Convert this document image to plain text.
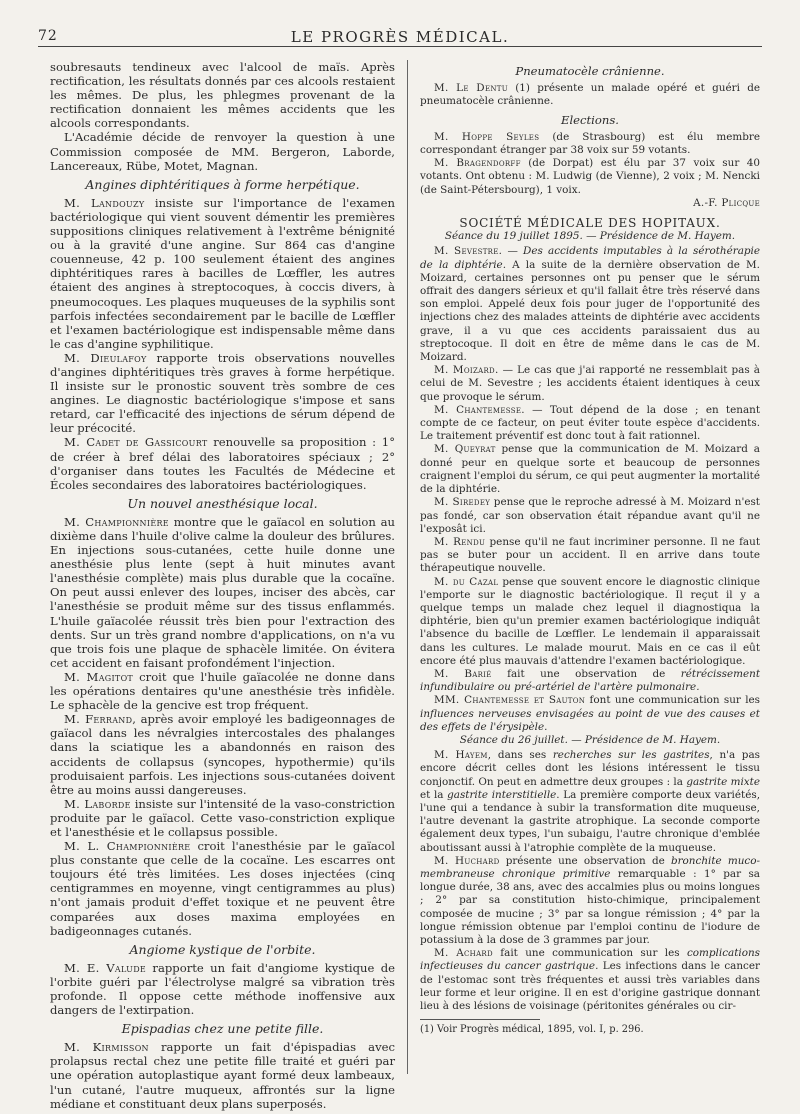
72	LE PROGRÈS MÉDICAL.

soubresauts tendineux avec l'alcool de maïs. Après rectification, les résultats donnés par ces alcools restaient les mêmes. De plus, les phlegmes provenant de la rectification donnaient les mêmes accidents que les alcools correspondants.

L'Académie décide de renvoyer la question à une Commission composée de MM. Bergeron, Laborde, Lancereaux, Rübe, Motet, Magnan.

Angines diphtéritiques à forme herpétique.

M. Landouzy insiste sur l'importance de l'examen bactériologique qui vient souvent démentir les premières suppositions cliniques relativement à l'extrême bénignité ou à la gravité d'une angine. Sur 864 cas d'angine couenneuse, 42 p. 100 seulement étaient des angines diphtéritiques rares à bacilles de Lœffler, les autres étaient des angines à streptocoques, à coccis divers, à pneumocoques. Les plaques muqueuses de la syphilis sont parfois infectées secondairement par le bacille de Lœffler et l'examen bactériologique est indispensable même dans le cas d'angine syphilitique.

M. Dieulafoy rapporte trois observations nouvelles d'angines diphtéritiques très graves à forme herpétique. Il insiste sur le pronostic souvent très sombre de ces angines. Le diagnostic bactériologique s'impose et sans retard, car l'efficacité des injections de sérum dépend de leur précocité.

M. Cadet de Gassicourt renouvelle sa proposition : 1° de créer à bref délai des laboratoires spéciaux ; 2° d'organiser dans toutes les Facultés de Médecine et Écoles secondaires des laboratoires bactériologiques.

Un nouvel anesthésique local.

M. Championnière montre que le gaïacol en solution au dixième dans l'huile d'olive calme la douleur des brûlures. En injections sous-cutanées, cette huile donne une anesthésie plus lente (sept à huit minutes avant l'anesthésie complète) mais plus durable que la cocaïne. On peut aussi enlever des loupes, inciser des abcès, car l'anesthésie se produit même sur des tissus enflammés. L'huile gaïacolée réussit très bien pour l'extraction des dents. Sur un très grand nombre d'applications, on n'a vu que trois fois une plaque de sphacèle limitée. On évitera cet accident en faisant profondément l'injection.

M. Magitot croit que l'huile gaïacolée ne donne dans les opérations dentaires qu'une anesthésie très infidèle. Le sphacèle de la gencive est trop fréquent.

M. Ferrand, après avoir employé les badigeonnages de gaïacol dans les névralgies intercostales des phalanges dans la sciatique les a abandonnés en raison des accidents de collapsus (syncopes, hypothermie) qu'ils produisaient parfois. Les injections sous-cutanées doivent être au moins aussi dangereuses.

M. Laborde insiste sur l'intensité de la vaso-constriction produite par le gaïacol. Cette vaso-constriction explique et l'anesthésie et le collapsus possible.

M. L. Championnière croit l'anesthésie par le gaïacol plus constante que celle de la cocaïne. Les escarres ont toujours été très limitées. Les doses injectées (cinq centigrammes en moyenne, vingt centigrammes au plus) n'ont jamais produit d'effet toxique et ne peuvent être comparées aux doses maxima employées en badigeonnages cutanés.

Angiome kystique de l'orbite.

M. E. Valude rapporte un fait d'angiome kystique de l'orbite guéri par l'électrolyse malgré sa vibration très profonde. Il oppose cette méthode inoffensive aux dangers de l'extirpation.

Epispadias chez une petite fille.

M. Kirmisson rapporte un fait d'épispadias avec prolapsus rectal chez une petite fille traité et guéri par une opération autoplastique ayant formé deux lambeaux, l'un cutané, l'autre muqueux, affrontés sur la ligne médiane et constituant deux plans superposés.

Pneumatocèle crânienne.

M. Le Dentu (1) présente un malade opéré et guéri de pneumatocèle crânienne.

Elections.

M. Hoppe Seyles (de Strasbourg) est élu membre correspondant étranger par 38 voix sur 59 votants.

M. Bragendorff (de Dorpat) est élu par 37 voix sur 40 votants. Ont obtenu : M. Ludwig (de Vienne), 2 voix ; M. Nencki (de Saint-Pétersbourg), 1 voix.

A.-F. Plicque

SOCIÉTÉ MÉDICALE DES HOPITAUX.

Séance du 19 juillet 1895. — Présidence de M. Hayem.

M. Sevestre. — Des accidents imputables à la sérothérapie de la diphtérie. A la suite de la dernière observation de M. Moizard, certaines personnes ont pu penser que le sérum offrait des dangers sérieux et qu'il fallait être très réservé dans son emploi. Appelé deux fois pour juger de l'opportunité des injections chez des malades atteints de diphtérie avec accidents grave, il a vu que ces accidents paraissaient dus au streptocoque. Il doit en être de même dans le cas de M. Moizard.

M. Moizard. — Le cas que j'ai rapporté ne ressemblait pas à celui de M. Sevestre ; les accidents étaient identiques à ceux que provoque le sérum.

M. Chantemesse. — Tout dépend de la dose ; en tenant compte de ce facteur, on peut éviter toute espèce d'accidents. Le traitement préventif est donc tout à fait rationnel.

M. Queyrat pense que la communication de M. Moizard a donné peur en quelque sorte et beaucoup de personnes craignent l'emploi du sérum, ce qui peut augmenter la mortalité de la diphtérie.

M. Siredey pense que le reproche adressé à M. Moizard n'est pas fondé, car son observation était répandue avant qu'il ne l'exposât ici.

M. Rendu pense qu'il ne faut incriminer personne. Il ne faut pas se buter pour un accident. Il en arrive dans toute thérapeutique nouvelle.

M. du Cazal pense que souvent encore le diagnostic clinique l'emporte sur le diagnostic bactériologique. Il reçut il y a quelque temps un malade chez lequel il diagnostiqua la diphtérie, bien qu'un premier examen bactériologique indiquât l'absence du bacille de Lœffler. Le lendemain il apparaissait dans les cultures. Le malade mourut. Mais en ce cas il eût encore été plus mauvais d'attendre l'examen bactériologique.

M. Barié fait une observation de rétrécissement infundibulaire ou pré-artériel de l'artère pulmonaire.

MM. Chantemesse et Sauton font une communication sur les influences nerveuses envisagées au point de vue des causes et des effets de l'érysipèle.

Séance du 26 juillet. — Présidence de M. Hayem.

M. Hayem, dans ses recherches sur les gastrites, n'a pas encore décrit celles dont les lésions intéressent le tissu conjonctif. On peut en admettre deux groupes : la gastrite mixte et la gastrite interstitielle. La première comporte deux variétés, l'une qui a tendance à subir la transformation dite muqueuse, l'autre devenant la gastrite atrophique. La seconde comporte également deux types, l'un subaigu, l'autre chronique d'emblée aboutissant aussi à l'atrophie complète de la muqueuse.

M. Huchard présente une observation de bronchite muco-membraneuse chronique primitive remarquable : 1° par sa longue durée, 38 ans, avec des accalmies plus ou moins longues ; 2° par sa constitution histo-chimique, principalement composée de mucine ; 3° par sa longue rémission ; 4° par la longue rémission obtenue par l'emploi continu de l'iodure de potassium à la dose de 3 grammes par jour.

M. Achard fait une communication sur les complications infectieuses du cancer gastrique. Les infections dans le cancer de l'estomac sont très fréquentes et aussi très variables dans leur forme et leur origine. Il en est d'origine gastrique donnant lieu à des lésions de voisinage (péritonites générales ou cir-

(1) Voir Progrès médical, 1895, vol. I, p. 296.
